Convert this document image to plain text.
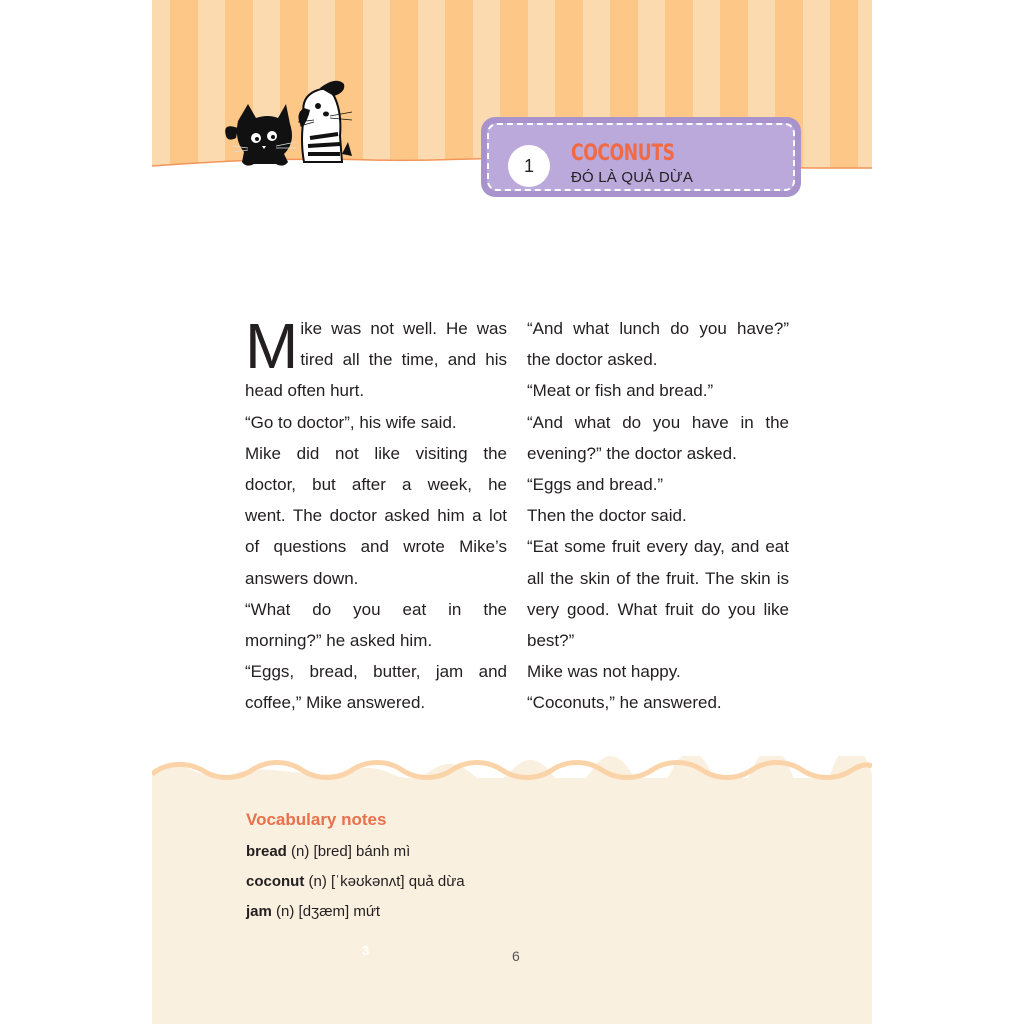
1	COCONUTS
ĐÓ LÀ QUẢ DỪA
M ike was not well. He was
tired all the time, and his
head often hurt.
“Go to doctor”, his wife said.
Mike did not like visiting the
doctor, but after a week, he
went. The doctor asked him a lot
of questions and wrote Mike’s
answers down.
“What do you eat in the
morning?” he asked him.
“Eggs, bread, butter, jam and
coffee,” Mike answered.
“And what lunch do you have?”
the doctor asked.
“Meat or fish and bread.”
“And what do you have in the
evening?” the doctor asked.
“Eggs and bread.”
Then the doctor said.
“Eat some fruit every day, and eat
all the skin of the fruit. The skin is
very good. What fruit do you like
best?”
Mike was not happy.
“Coconuts,” he answered.
Vocabulary notes
bread (n) [bred] bánh mì
coconut (n) [ˈkəʊkənʌt] quả dừa
jam (n) [dʒæm] mứt
3	6
